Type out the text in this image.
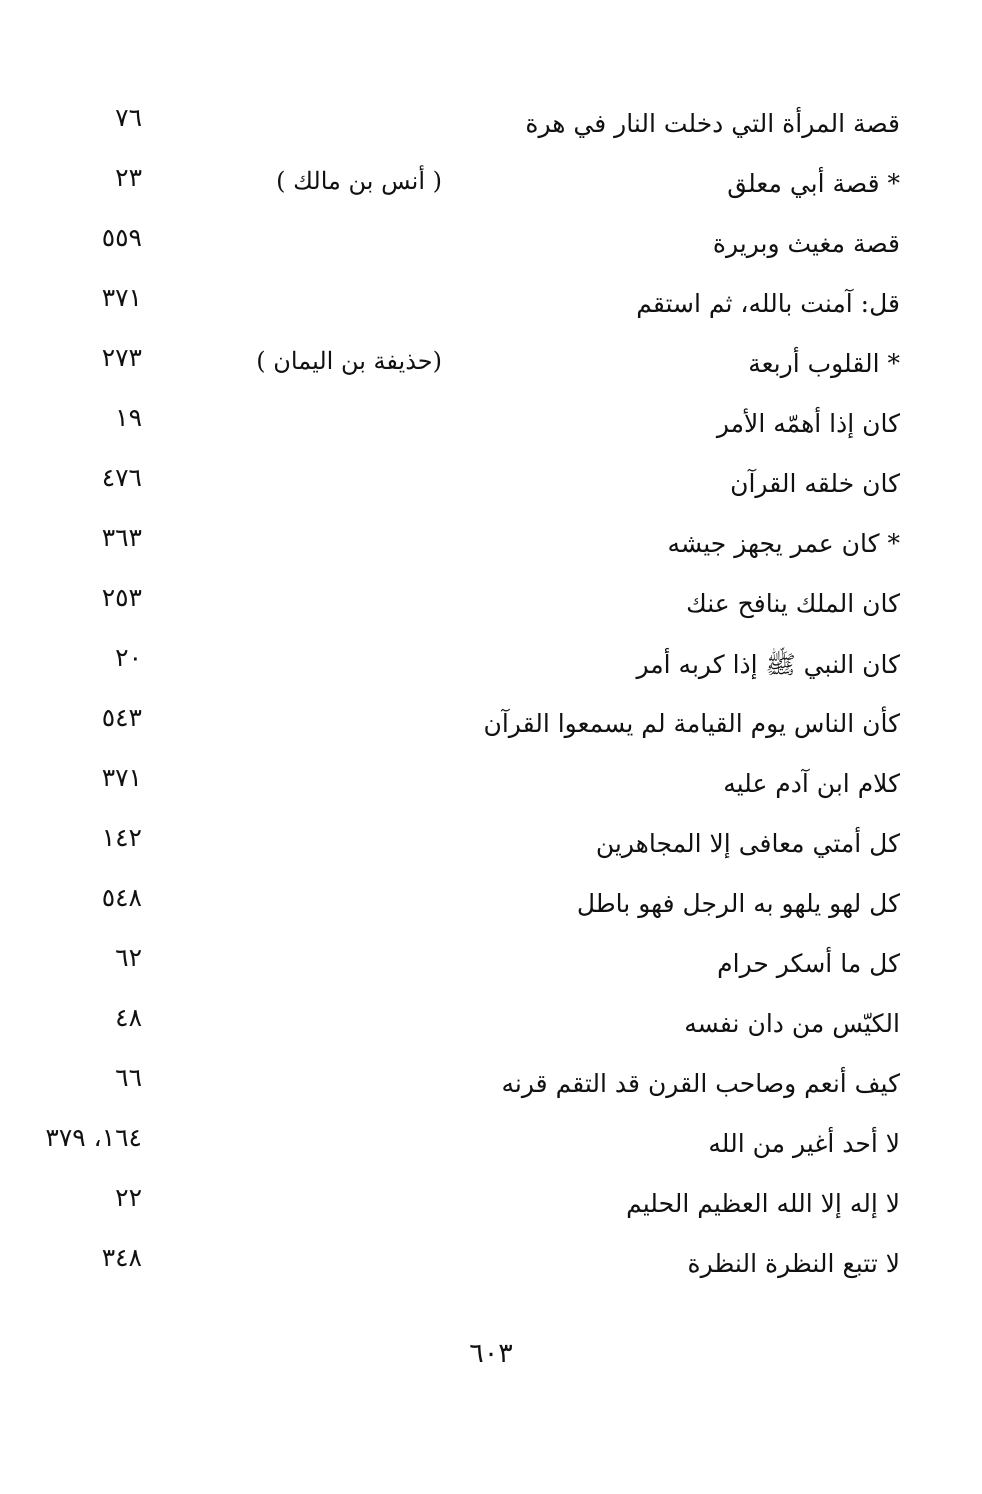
قصة المرأة التي دخلت النار في هرة
٧٦
* قصة أبي معلق
( أنس بن مالك )
٢٣
قصة مغيث وبريرة
٥٥٩
قل: آمنت بالله، ثم استقم
٣٧١
* القلوب أربعة
(حذيفة بن اليمان )
٢٧٣
كان إذا أهمّه الأمر
١٩
كان خلقه القرآن
٤٧٦
* كان عمر يجهز جيشه
٣٦٣
كان الملك ينافح عنك
٢٥٣
كان النبي ﷺ إذا كربه أمر
٢٠
كأن الناس يوم القيامة لم يسمعوا القرآن
٥٤٣
كلام ابن آدم عليه
٣٧١
كل أمتي معافى إلا المجاهرين
١٤٢
كل لهو يلهو به الرجل فهو باطل
٥٤٨
كل ما أسكر حرام
٦٢
الكيّس من دان نفسه
٤٨
كيف أنعم وصاحب القرن قد التقم قرنه
٦٦
لا أحد أغير من الله
١٦٤، ٣٧٩
لا إله إلا الله العظيم الحليم
٢٢
لا تتبع النظرة النظرة
٣٤٨
٦٠٣
